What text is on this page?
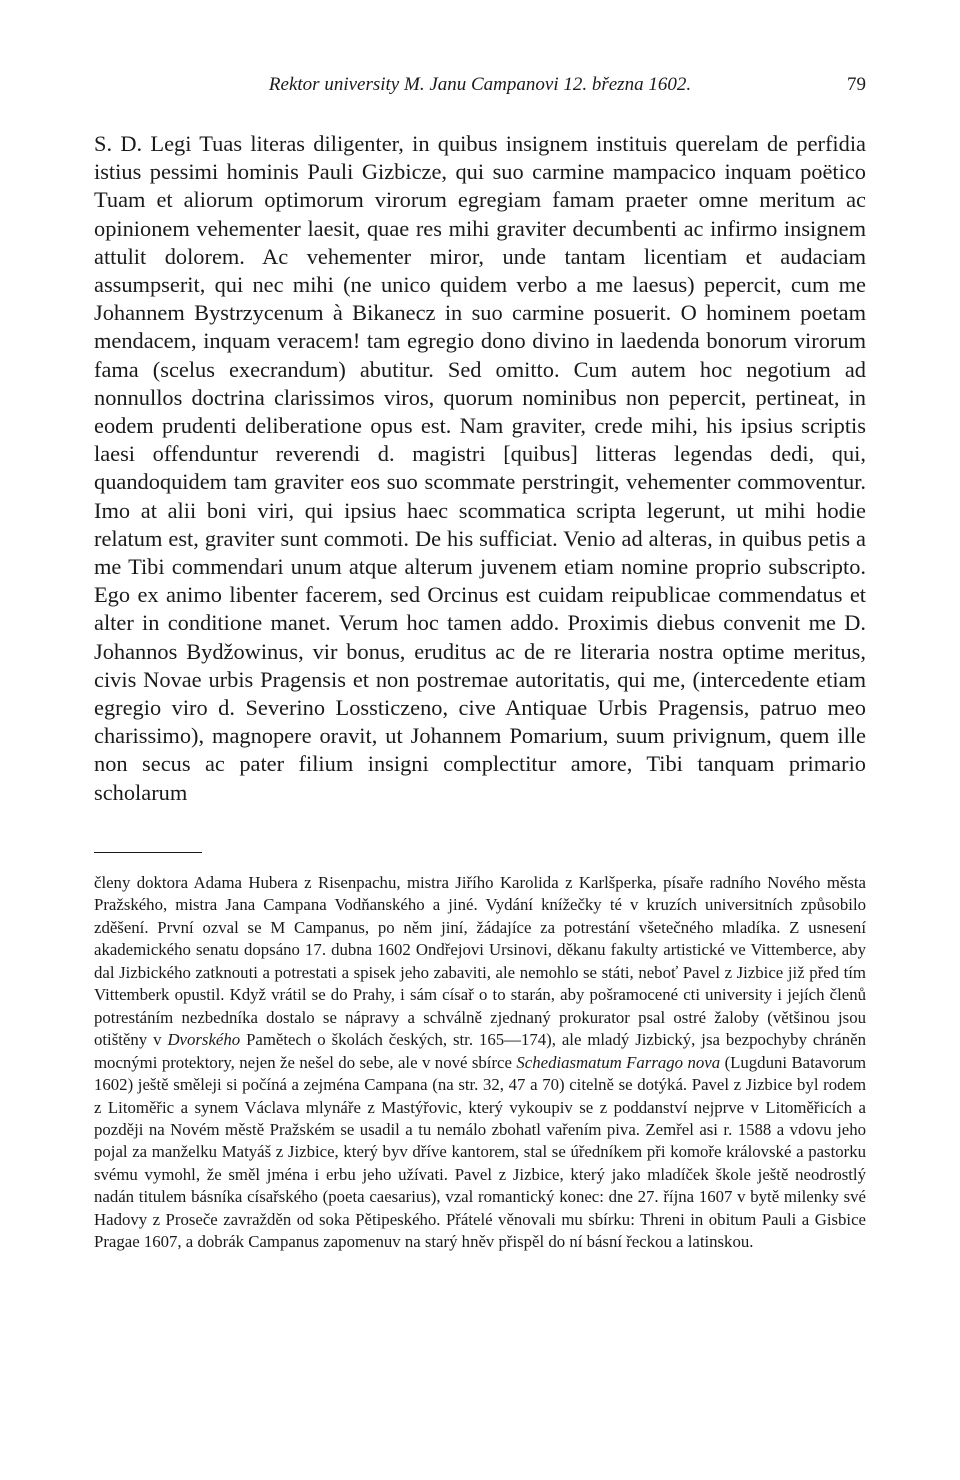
Rektor university M. Janu Campanovi 12. března 1602.	79

S. D. Legi Tuas literas diligenter, in quibus insignem instituis querelam de perfidia istius pessimi hominis Pauli Gizbicze, qui suo carmine mampacico inquam poëtico Tuam et aliorum optimorum virorum egregiam famam praeter omne meritum ac opinionem vehementer laesit, quae res mihi graviter decumbenti ac infirmo insignem attulit dolorem. Ac vehementer miror, unde tantam licentiam et audaciam assumpserit, qui nec mihi (ne unico quidem verbo a me laesus) pepercit, cum me Johannem Bystrzycenum à Bikanecz in suo carmine posuerit. O hominem poetam mendacem, inquam veracem! tam egregio dono divino in laedenda bonorum virorum fama (scelus execrandum) abutitur. Sed omitto. Cum autem hoc negotium ad nonnullos doctrina clarissimos viros, quorum nominibus non pepercit, pertineat, in eodem prudenti deliberatione opus est. Nam graviter, crede mihi, his ipsius scriptis laesi offenduntur reverendi d. magistri [quibus] litteras legendas dedi, qui, quandoquidem tam graviter eos suo scommate perstringit, vehementer commoventur. Imo at alii boni viri, qui ipsius haec scommatica scripta legerunt, ut mihi hodie relatum est, graviter sunt commoti. De his sufficiat. Venio ad alteras, in quibus petis a me Tibi commendari unum atque alterum juvenem etiam nomine proprio subscripto. Ego ex animo libenter facerem, sed Orcinus est cuidam reipublicae commendatus et alter in conditione manet. Verum hoc tamen addo. Proximis diebus convenit me D. Johannos Bydžowinus, vir bonus, eruditus ac de re literaria nostra optime meritus, civis Novae urbis Pragensis et non postremae autoritatis, qui me, (intercedente etiam egregio viro d. Severino Lossticzeno, cive Antiquae Urbis Pragensis, patruo meo charissimo), magnopere oravit, ut Johannem Pomarium, suum privignum, quem ille non secus ac pater filium insigni complectitur amore, Tibi tanquam primario scholarum

členy doktora Adama Hubera z Risenpachu, mistra Jiřího Karolida z Karlšperka, písaře radního Nového města Pražského, mistra Jana Campana Vodňanského a jiné. Vydání knížečky té v kruzích universitních způsobilo zděšení. První ozval se M Campanus, po něm jiní, žádajíce za potrestání všetečného mladíka. Z usnesení akademického senatu dopsáno 17. dubna 1602 Ondřejovi Ursinovi, děkanu fakulty artistické ve Vittemberce, aby dal Jizbického zatknouti a potrestati a spisek jeho zabaviti, ale nemohlo se státi, neboť Pavel z Jizbice již před tím Vittemberk opustil. Když vrátil se do Prahy, i sám císař o to starán, aby pošramocené cti university i jejích členů potrestáním nezbedníka dostalo se nápravy a schválně zjednaný prokurator psal ostré žaloby (většinou jsou otištěny v Dvorského Pamětech o školách českých, str. 165—174), ale mladý Jizbický, jsa bezpochyby chráněn mocnými protektory, nejen že nešel do sebe, ale v nové sbírce Schediasmatum Farrago nova (Lugduni Batavorum 1602) ještě směleji si počíná a zejména Campana (na str. 32, 47 a 70) citelně se dotýká. Pavel z Jizbice byl rodem z Litoměřic a synem Václava mlynáře z Mastýřovic, který vykoupiv se z poddanství nejprve v Litoměřicích a později na Novém městě Pražském se usadil a tu nemálo zbohatl vařením piva. Zemřel asi r. 1588 a vdovu jeho pojal za manželku Matyáš z Jizbice, který byv dříve kantorem, stal se úředníkem při komoře královské a pastorku svému vymohl, že směl jména i erbu jeho užívati. Pavel z Jizbice, který jako mladíček škole ještě neodrostlý nadán titulem básníka císařského (poeta caesarius), vzal romantický konec: dne 27. října 1607 v bytě milenky své Hadovy z Proseče zavražděn od soka Pětipeského. Přátelé věnovali mu sbírku: Threni in obitum Pauli a Gisbice Pragae 1607, a dobrák Campanus zapomenuv na starý hněv přispěl do ní básní řeckou a latinskou.
